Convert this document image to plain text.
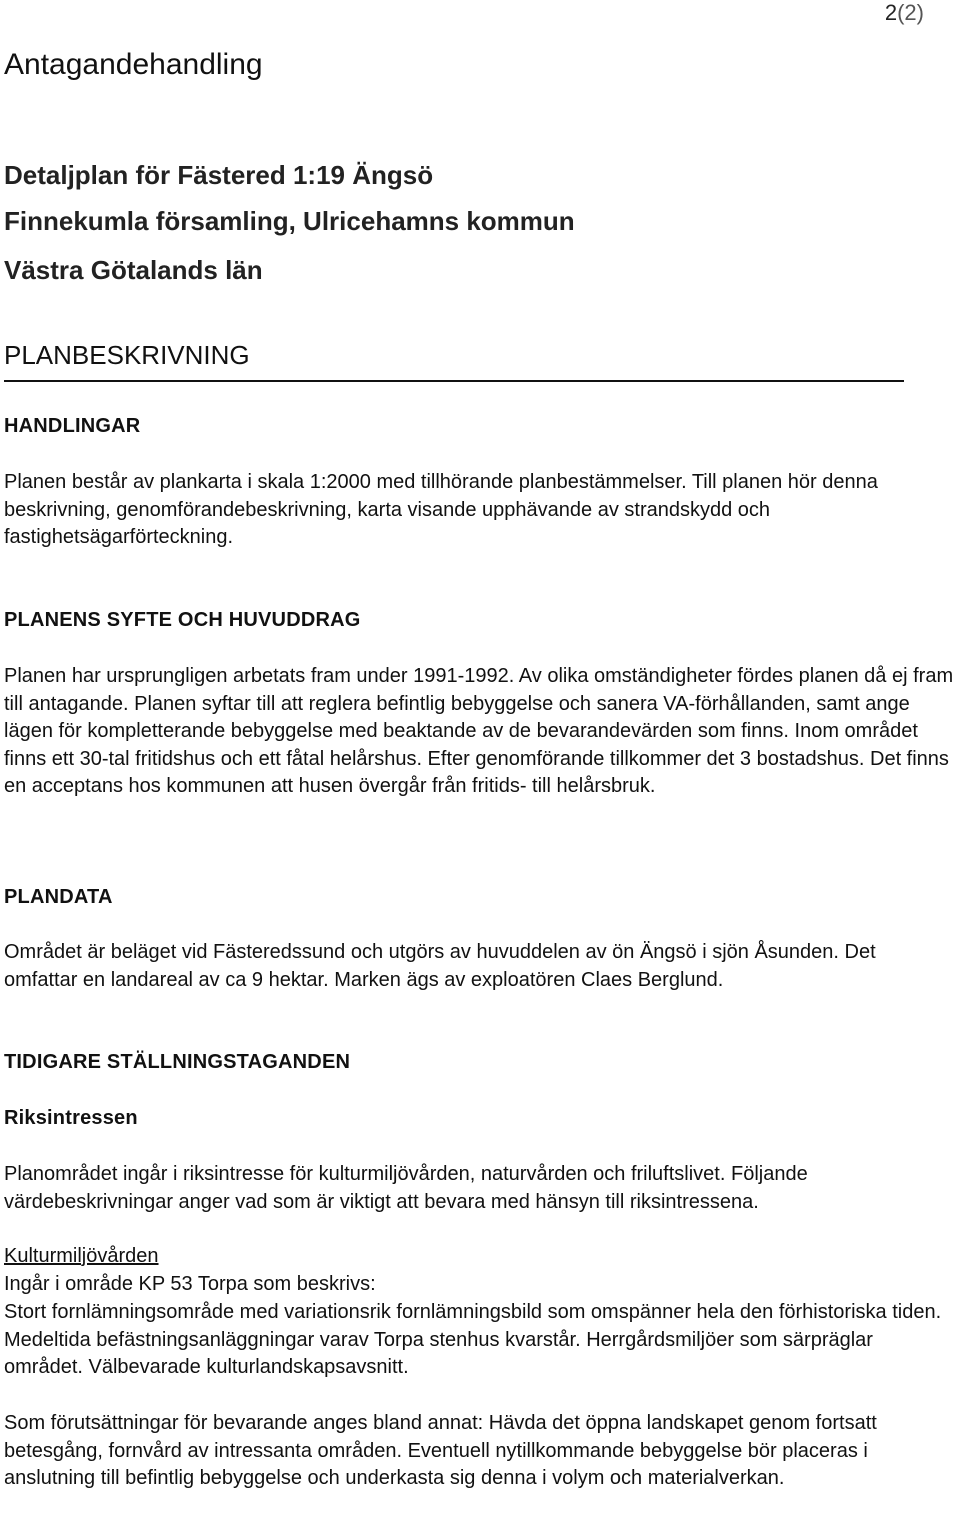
2(2)
Antagandehandling
Detaljplan för Fästered 1:19 Ängsö
Finnekumla församling, Ulricehamns kommun
Västra Götalands län
PLANBESKRIVNING
HANDLINGAR

Planen består av plankarta i skala 1:2000 med tillhörande planbestämmelser. Till planen hör denna beskrivning, genomförandebeskrivning, karta visande upphävande av strandskydd och fastighetsägarförteckning.

PLANENS SYFTE OCH HUVUDDRAG

Planen har ursprungligen arbetats fram under 1991-1992. Av olika omständigheter fördes planen då ej fram till antagande. Planen syftar till att reglera befintlig bebyggelse och sanera VA-förhållanden, samt ange lägen för kompletterande bebyggelse med beaktande av de bevarandevärden som finns. Inom området finns ett 30-tal fritidshus och ett fåtal helårshus. Efter genomförande tillkommer det 3 bostadshus. Det finns en acceptans hos kommunen att husen övergår från fritids- till helårsbruk.

PLANDATA

Området är beläget vid Fästeredssund och utgörs av huvuddelen av ön Ängsö i sjön Åsunden. Det omfattar en landareal av ca 9 hektar. Marken ägs av exploatören Claes Berglund.

TIDIGARE STÄLLNINGSTAGANDEN
Riksintressen

Planområdet ingår i riksintresse för kulturmiljövården, naturvården och friluftslivet. Följande värdebeskrivningar anger vad som är viktigt att bevara med hänsyn till riksintressena.

Kulturmiljövården

Ingår i område KP 53 Torpa som beskrivs:

Stort fornlämningsområde med variationsrik fornlämningsbild som omspänner hela den förhistoriska tiden. Medeltida befästningsanläggningar varav Torpa stenhus kvarstår. Herrgårdsmiljöer som särpräglar området. Välbevarade kulturlandskapsavsnitt.

Som förutsättningar för bevarande anges bland annat: Hävda det öppna landskapet genom fortsatt betesgång, fornvård av intressanta områden. Eventuell nytillkommande bebyggelse bör placeras i anslutning till befintlig bebyggelse och underkasta sig denna i volym och materialverkan.
